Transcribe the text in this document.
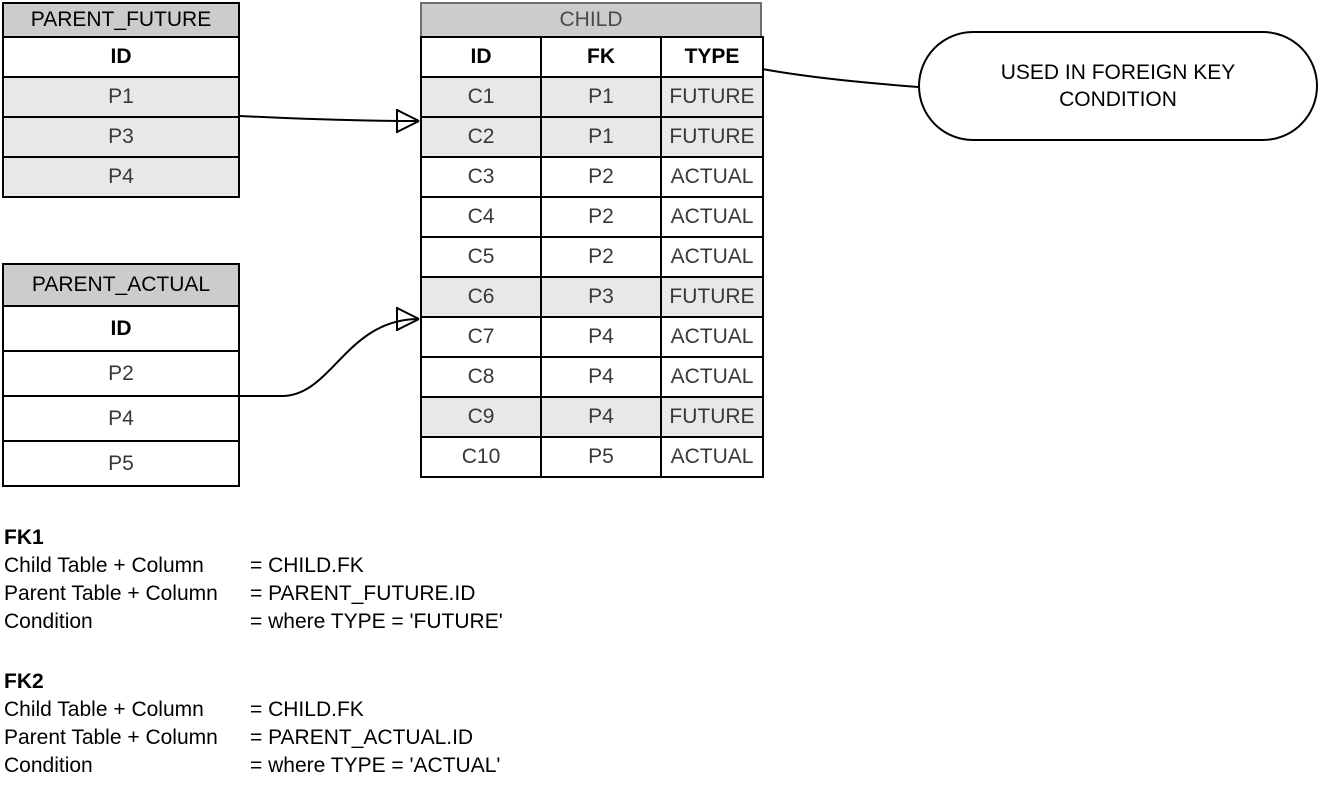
PARENT_FUTURE
ID
P1
P3
P4
CHILD
ID	FK	TYPE
C1	P1	FUTURE
C2	P1	FUTURE
C3	P2	ACTUAL
C4	P2	ACTUAL
C5	P2	ACTUAL
C6	P3	FUTURE
C7	P4	ACTUAL
C8	P4	ACTUAL
C9	P4	FUTURE
C10	P5	ACTUAL
PARENT_ACTUAL
ID
P2
P4
P5
USED IN FOREIGN KEY CONDITION
FK1
Child Table + Column	= CHILD.FK
Parent Table + Column	= PARENT_FUTURE.ID
Condition	= where TYPE = 'FUTURE'
FK2
Child Table + Column	= CHILD.FK
Parent Table + Column	= PARENT_ACTUAL.ID
Condition	= where TYPE = 'ACTUAL'
